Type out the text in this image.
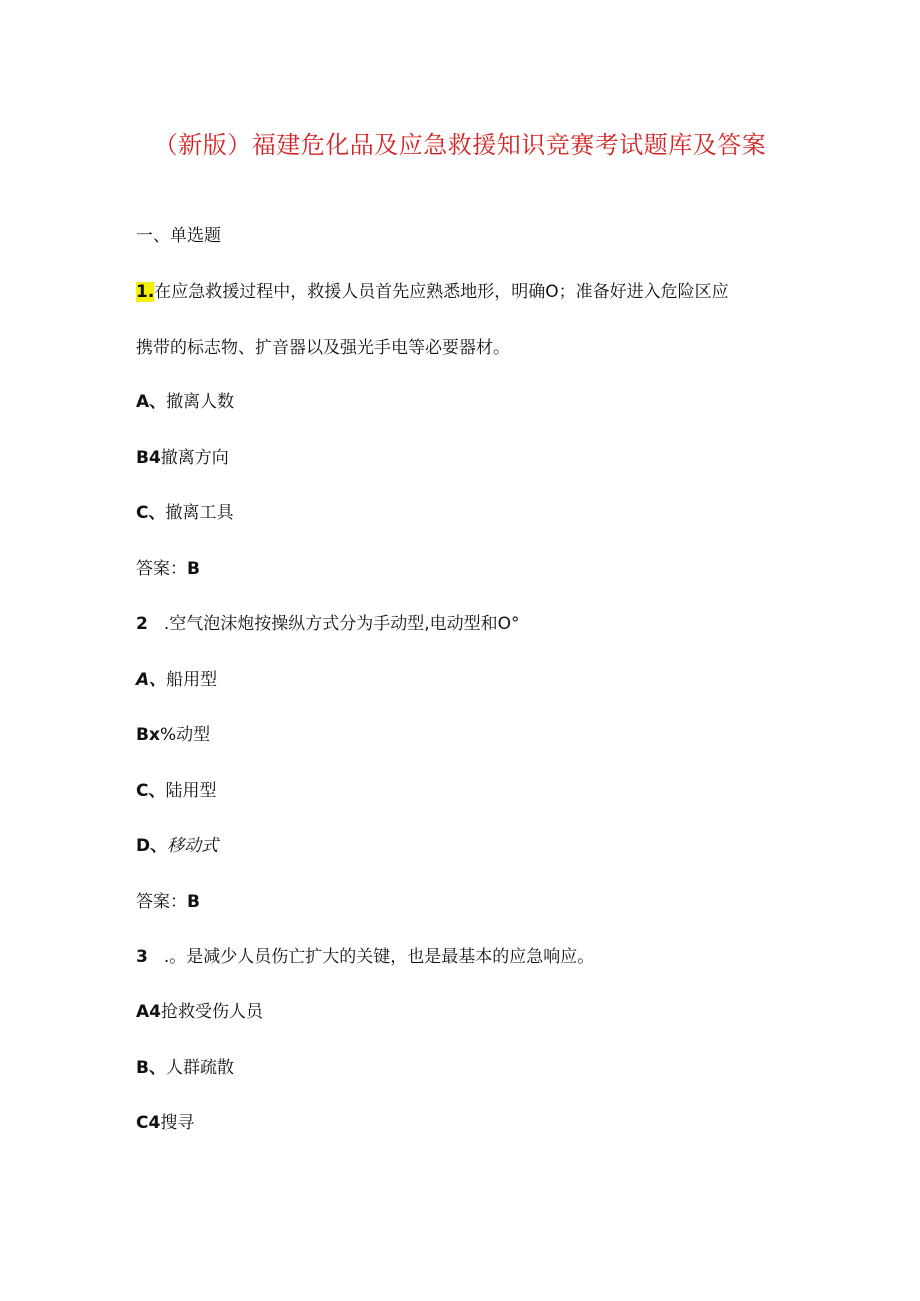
（新版）福建危化品及应急救援知识竞赛考试题库及答案
一、单选题
1.在应急救援过程中，救援人员首先应熟悉地形，明确O；准备好进入危险区应
携带的标志物、扩音器以及强光手电等必要器材。
A、撤离人数
B4撤离方向
C、撤离工具
答案：B
2 .空气泡沫炮按操纵方式分为手动型,电动型和O°
A、船用型
Bx%动型
C、陆用型
D、移动式
答案：B
3 .。是减少人员伤亡扩大的关键，也是最基本的应急响应。
A4抢救受伤人员
B、人群疏散
C4搜寻
